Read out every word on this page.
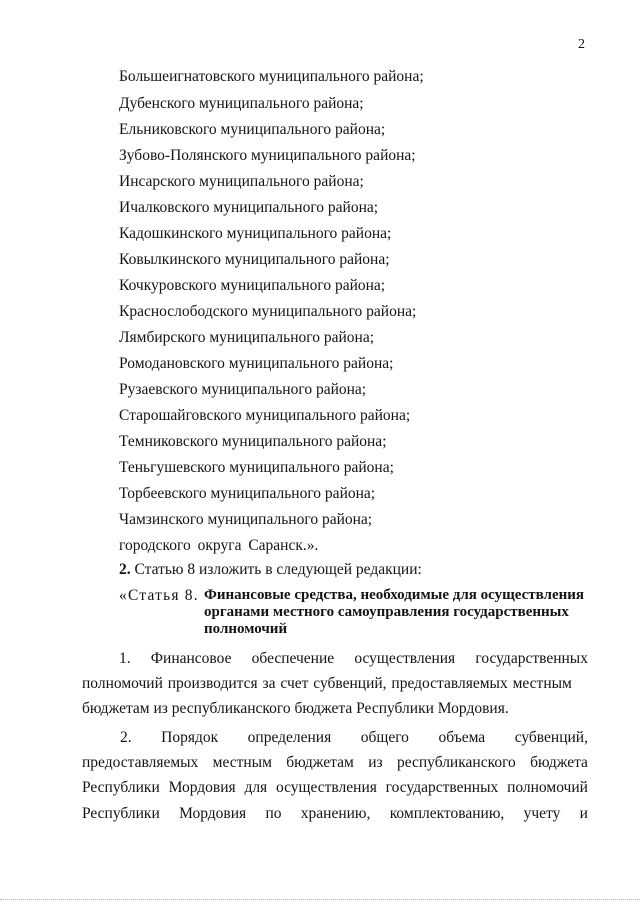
2
Большеигнатовского муниципального района;
Дубенского муниципального района;
Ельниковского муниципального района;
Зубово-Полянского муниципального района;
Инсарского муниципального района;
Ичалковского муниципального района;
Кадошкинского муниципального района;
Ковылкинского муниципального района;
Кочкуровского муниципального района;
Краснослободского муниципального района;
Лямбирского муниципального района;
Ромодановского муниципального района;
Рузаевского муниципального района;
Старошайговского муниципального района;
Темниковского муниципального района;
Теньгушевского муниципального района;
Торбеевского муниципального района;
Чамзинского муниципального района;
городского округа Саранск.».
2. Статью 8 изложить в следующей редакции:
«Статья 8. Финансовые средства, необходимые для осуществления органами местного самоуправления государственных полномочий
1. Финансовое обеспечение осуществления государственных
полномочий производится за счет субвенций, предоставляемых местным
бюджетам из республиканского бюджета Республики Мордовия.
2. Порядок определения общего объема субвенций,
предоставляемых местным бюджетам из республиканского бюджета
Республики Мордовия для осуществления государственных полномочий
Республики Мордовия по хранению, комплектованию, учету и
